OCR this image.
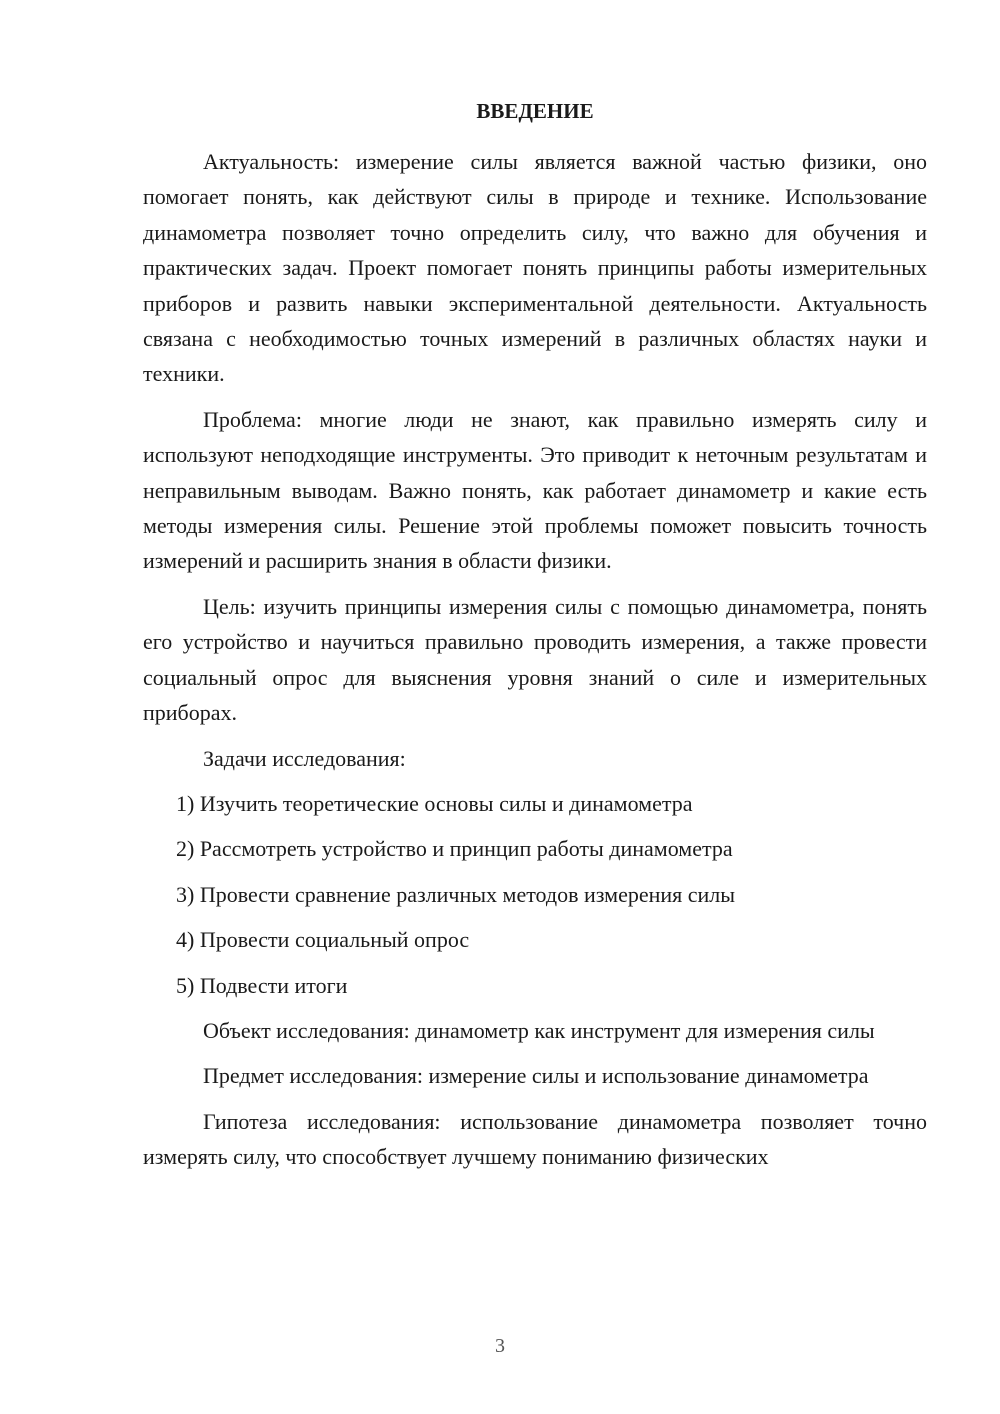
ВВЕДЕНИЕ

Актуальность: измерение силы является важной частью физики, оно помогает понять, как действуют силы в природе и технике. Использование динамометра позволяет точно определить силу, что важно для обучения и практических задач. Проект помогает понять принципы работы измерительных приборов и развить навыки экспериментальной деятельности. Актуальность связана с необходимостью точных измерений в различных областях науки и техники.

Проблема: многие люди не знают, как правильно измерять силу и используют неподходящие инструменты. Это приводит к неточным результатам и неправильным выводам. Важно понять, как работает динамометр и какие есть методы измерения силы. Решение этой проблемы поможет повысить точность измерений и расширить знания в области физики.

Цель: изучить принципы измерения силы с помощью динамометра, понять его устройство и научиться правильно проводить измерения, а также провести социальный опрос для выяснения уровня знаний о силе и измерительных приборах.

Задачи исследования:
1) Изучить теоретические основы силы и динамометра
2) Рассмотреть устройство и принцип работы динамометра
3) Провести сравнение различных методов измерения силы
4) Провести социальный опрос
5) Подвести итоги

Объект исследования: динамометр как инструмент для измерения силы

Предмет исследования: измерение силы и использование динамометра

Гипотеза исследования: использование динамометра позволяет точно измерять силу, что способствует лучшему пониманию физических

3
